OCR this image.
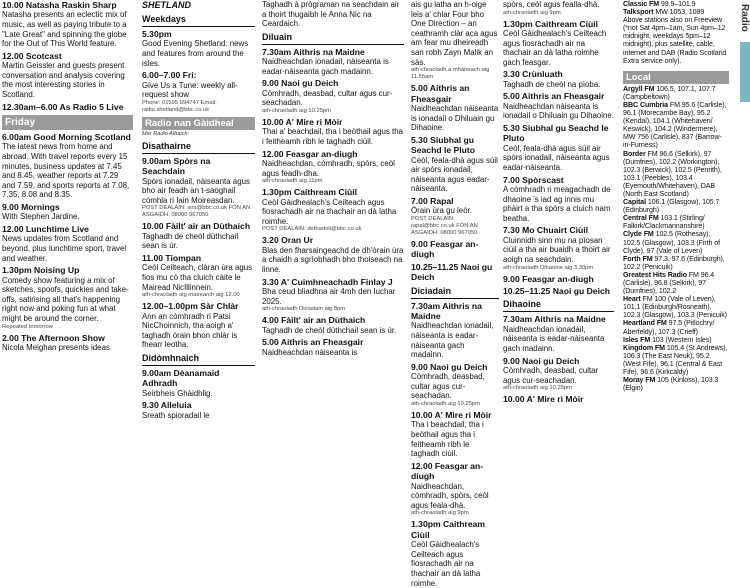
10.00 Natasha Raskin Sharp

Natasha presents an eclectic mix of music, as well as paying tribute to a "Late Great" and spinning the globe for the Out of This World feature.

12.00 Scotcast

Martin Geissler and guests present conversation and analysis covering the most interesting stories in Scotland.

12.30am–6.00 As Radio 5 Live

Friday

6.00am Good Morning Scotland

The latest news from home and abroad. With travel reports every 15 minutes, business updates at 7.45 and 8.45, weather reports at 7.29 and 7.59, and sports reports at 7.08, 7.35, 8.08 and 8.35.

9.00 Mornings

With Stephen Jardine.

12.00 Lunchtime Live

News updates from Scotland and beyond, plus lunchtime sport, travel and weather.

1.30pm Noising Up

Comedy show featuring a mix of sketches, spoofs, quickies and take-offs, satirising all that's happening right now and poking fun at what might be around the corner.

Repeated tomorrow

2.00 The Afternoon Show

Nicola Meighan presents ideas

SHETLAND

Weekdays

5.30pm

Good Evening Shetland: news and features from around the isles.

6.00–7.00 Fri:

Give Us a Tune: weekly all-request show

Phone: 01595 694747 Email: radio.shetland@bbc.co.uk

Radio nan Gàidheal

Mar Radio Albaich:

Disathairne

9.00am Spòrs na Seachdain

Spòrs ionadail, nàiseanta agus bho air feadh an t-saoghail còmhla ri Iain Moireasdan.

POST DEALAIN: sns@bbc.co.uk FÒN AN ASGAIDH: 08000 967050

10.00 Fàilt' air an Dùthaich

Taghadh de cheòl dùthchail sean is ùr.

11.00 Tiompan

Ceòl Ceilteach, clàran ùra agus fios mu cò tha cluich càite le Mairead NicIllinnein.

ath-chraoladh aig mairearch aig 12.00

12.00–1.00pm Sàr Chlàr

Ann an còmhradh ri Patsi NicChoinnich, tha aoigh a' taghadh òrain bhon chlàr is fhearr leotha.

Didòmhnaich

9.00am Dèanamaid Adhradh

Seirbheis Ghàidhlig.

9.30 Alleluia

Sreath spioradail le

Taghadh à prògraman na seachdain air a thoirt thugaibh le Anna Nic na Ceardaich.

Diluain

7.30am Aithris na Maidne

Naidheachdan ionadail, nàiseanta is eadar-nàiseanta gach madainn.

9.00 Naoi gu Deich

Còmhradh, deasbad, cultar agus cur-seachadan.

ath-chraoladh aig 10.25pm

10.00 A' Mire ri Mòir

Thai a' beachdail, tha i beòthail agus tha i feitheamh ribh le taghadh ciùil.

12.00 Feasgar an-diugh

Naidheachdan, còmhradh, spòrs, ceòl agus feadh-dha.

ath-chraoladh aig 11pm

1.30pm Caithream Ciùil

Ceòl Gàidhealach's Ceilteach agus fiosrachadh air na thachair an dà latha roimhe.

POST DEALAIN: dethadoil@bbc.co.uk

3.20 Oran Ur

Blas den fharsaingeachd de dh'òrain ùra a chaidh a sgrìobhadh bho thoiseach na linne.

3.30 A' Cuimhneachadh Finlay J

Bha ceud bliadhna air 4mh den Iuchar 2025.

ath-chraoladh Diciadain aig 8pm

4.00 Fàilt' air an Dùthaich

Taghadh de cheòl dùthchail sean is ùr.

5.00 Aithris an Fheasgair

Naidheachdan nàiseanta is

ais gu latha an h-oige leis a' chlar Four bho One Direction – an ceathramh clàr aca agus am fear mu dheireadh san robh Zayn Malik an sàs.

ath-chraoladh a mhàireach aig 11.55am

5.00 Aithris an Fheasgair

Naidheachdan nàiseanta is ionadail o Dhiluain gu Dihaoine.

5.30 Siubhal gu Seachd le Pluto

Ceòl, feala-dhà agus sùil air spòrs ionadail, nàiseanta agus eadar-nàiseanta.

7.00 Rapal

Òrain ùra gu leòr.

POST DEALAIN: rapal@bbc.co.uk FÒN AN ASGAIDH: 08000 967050

9.00 Feasgar an-diugh

10.25–11.25 Naoi gu Deich

Diciadain

7.30am Aithris na Maidne

Naidheachdan ionadail, nàiseanta is eadar-nàiseanta gach madainn.

9.00 Naoi gu Deich

Còmhradh, deasbad, cultar agus cur-seachadan.

ath-chraoladh aig 10.25pm

10.00 A' Mire ri Mòir

Tha i beachdail, tha i beòthail agus tha i feitheamh ribh le taghadh ciùil.

12.00 Feasgar an-diugh

Naidheachdan, còmhradh, spòrs, ceòl agus feala-dhà.

ath-chraoladh aig 9pm

1.30pm Caithream Ciùil

Ceòl Gàidhealach's Ceilteach agus fiosrachadh air na thachair an dà latha roimhe.

spòrs, ceòl agus fealla-dhà.

ath-chraoladh aig 9pm

1.30pm Caithream Ciùil

Ceòl Gàidhealach's Ceilteach agus fiosrachadh air na thachair an dà latha roimhe gach feasgar.

3.30 Crùnluath

Taghadh de cheòl na pìoba.

5.00 Aithris an Fheasgair

Naidheachdan nàiseanta is ionadail o Dhiluain gu Dihaoine.

5.30 Siubhal gu Seachd le Pluto

Ceòl, feala-dhà agus sùil air spòrs ionadail, nàiseanta agus eadar-nàiseanta.

7.00 Spòrscast

A còmhradh ri meagachadh de dhaoine 's iad ag innis mu phàirt a tha spòrs a cluich nam beatha.

7.30 Mo Chuairt Ciùil

Cluinnidh sinn mu na pìosan ciùil a tha air buaidh a thoirt air aoigh na seachdain.

ath-chraoladh Dihaoine aig 3.30pm

9.00 Feasgar an-diugh

10.25–11.25 Naoi gu Deich

Dihaoine

7.30am Aithris na Maidne

Naidheachdan ionadail, nàiseanta is eadar-nàiseanta gach madainn.

9.00 Naoi gu Deich

Còmhradh, deasbad, cultar agus cur-seachadan.

ath-chraoladh aig 10.25pm

10.00 A' Mire ri Mòir

Classic FM 99.9–101.9

Talksport MW 1053, 1089

Above stations also on Freeview (*not Sat 4pm–1am, Sun 4pm–12 midnight, weekdays 5pm–12 midnight), plus satellite, cable, internet and DAB (Radio Scotland Extra service only).

Local

Argyll FM 106.5, 107.1, 107.7 (Campbeltown)

BBC Cumbria FM 95.6 (Carlisle), 96.1 (Morecambe Bay), 95.2 (Kendal), 104.1 (Whitehaven/ Keswick), 104.2 (Windermere), MW 756 (Carlisle), 837 (Barrow-in-Furness)

Border FM 96.6 (Selkirk), 97 (Dumfries), 102.2 (Workington), 102.3 (Berwick), 102.5 (Penrith), 103.1 (Peebles), 103.4 (Eyemouth/Whitehaven), DAB (North East Scotland)

Capital 106.1 (Glasgow), 105.7 (Edinburgh)

Central FM 103.1 (Stirling/ Falkirk/Clackmannanshire)

Clyde FM 102.5 (Rothesay), 102.5 (Glasgow), 103.3 (Firth of Clyde), 97 (Vale of Leven)

Forth FM 97.3, 97.6 (Edinburgh), 102.2 (Penicuik)

Greatest Hits Radio FM 96.4 (Carlisle), 96.8 (Selkirk), 97 (Dumfries), 102.2

Heart FM 100 (Vale of Leven), 101.1 (Edinburgh/Rosneath), 102.3 (Glasgow), 103.3 (Penicuik)

Heartland FM 97.5 (Pitlochry/ Aberfeldy), 107.3 (Crieff)

Isles FM 103 (Western Isles)

Kingdom FM 105.4 (St Andrews), 106.3 (The East Neuk), 95.2 (West Fife), 96.1 (Central & East Fife), 96.6 (Kirkcaldy)

Moray FM 105 (Kinloss), 103.3 (Elgin)

Radio
